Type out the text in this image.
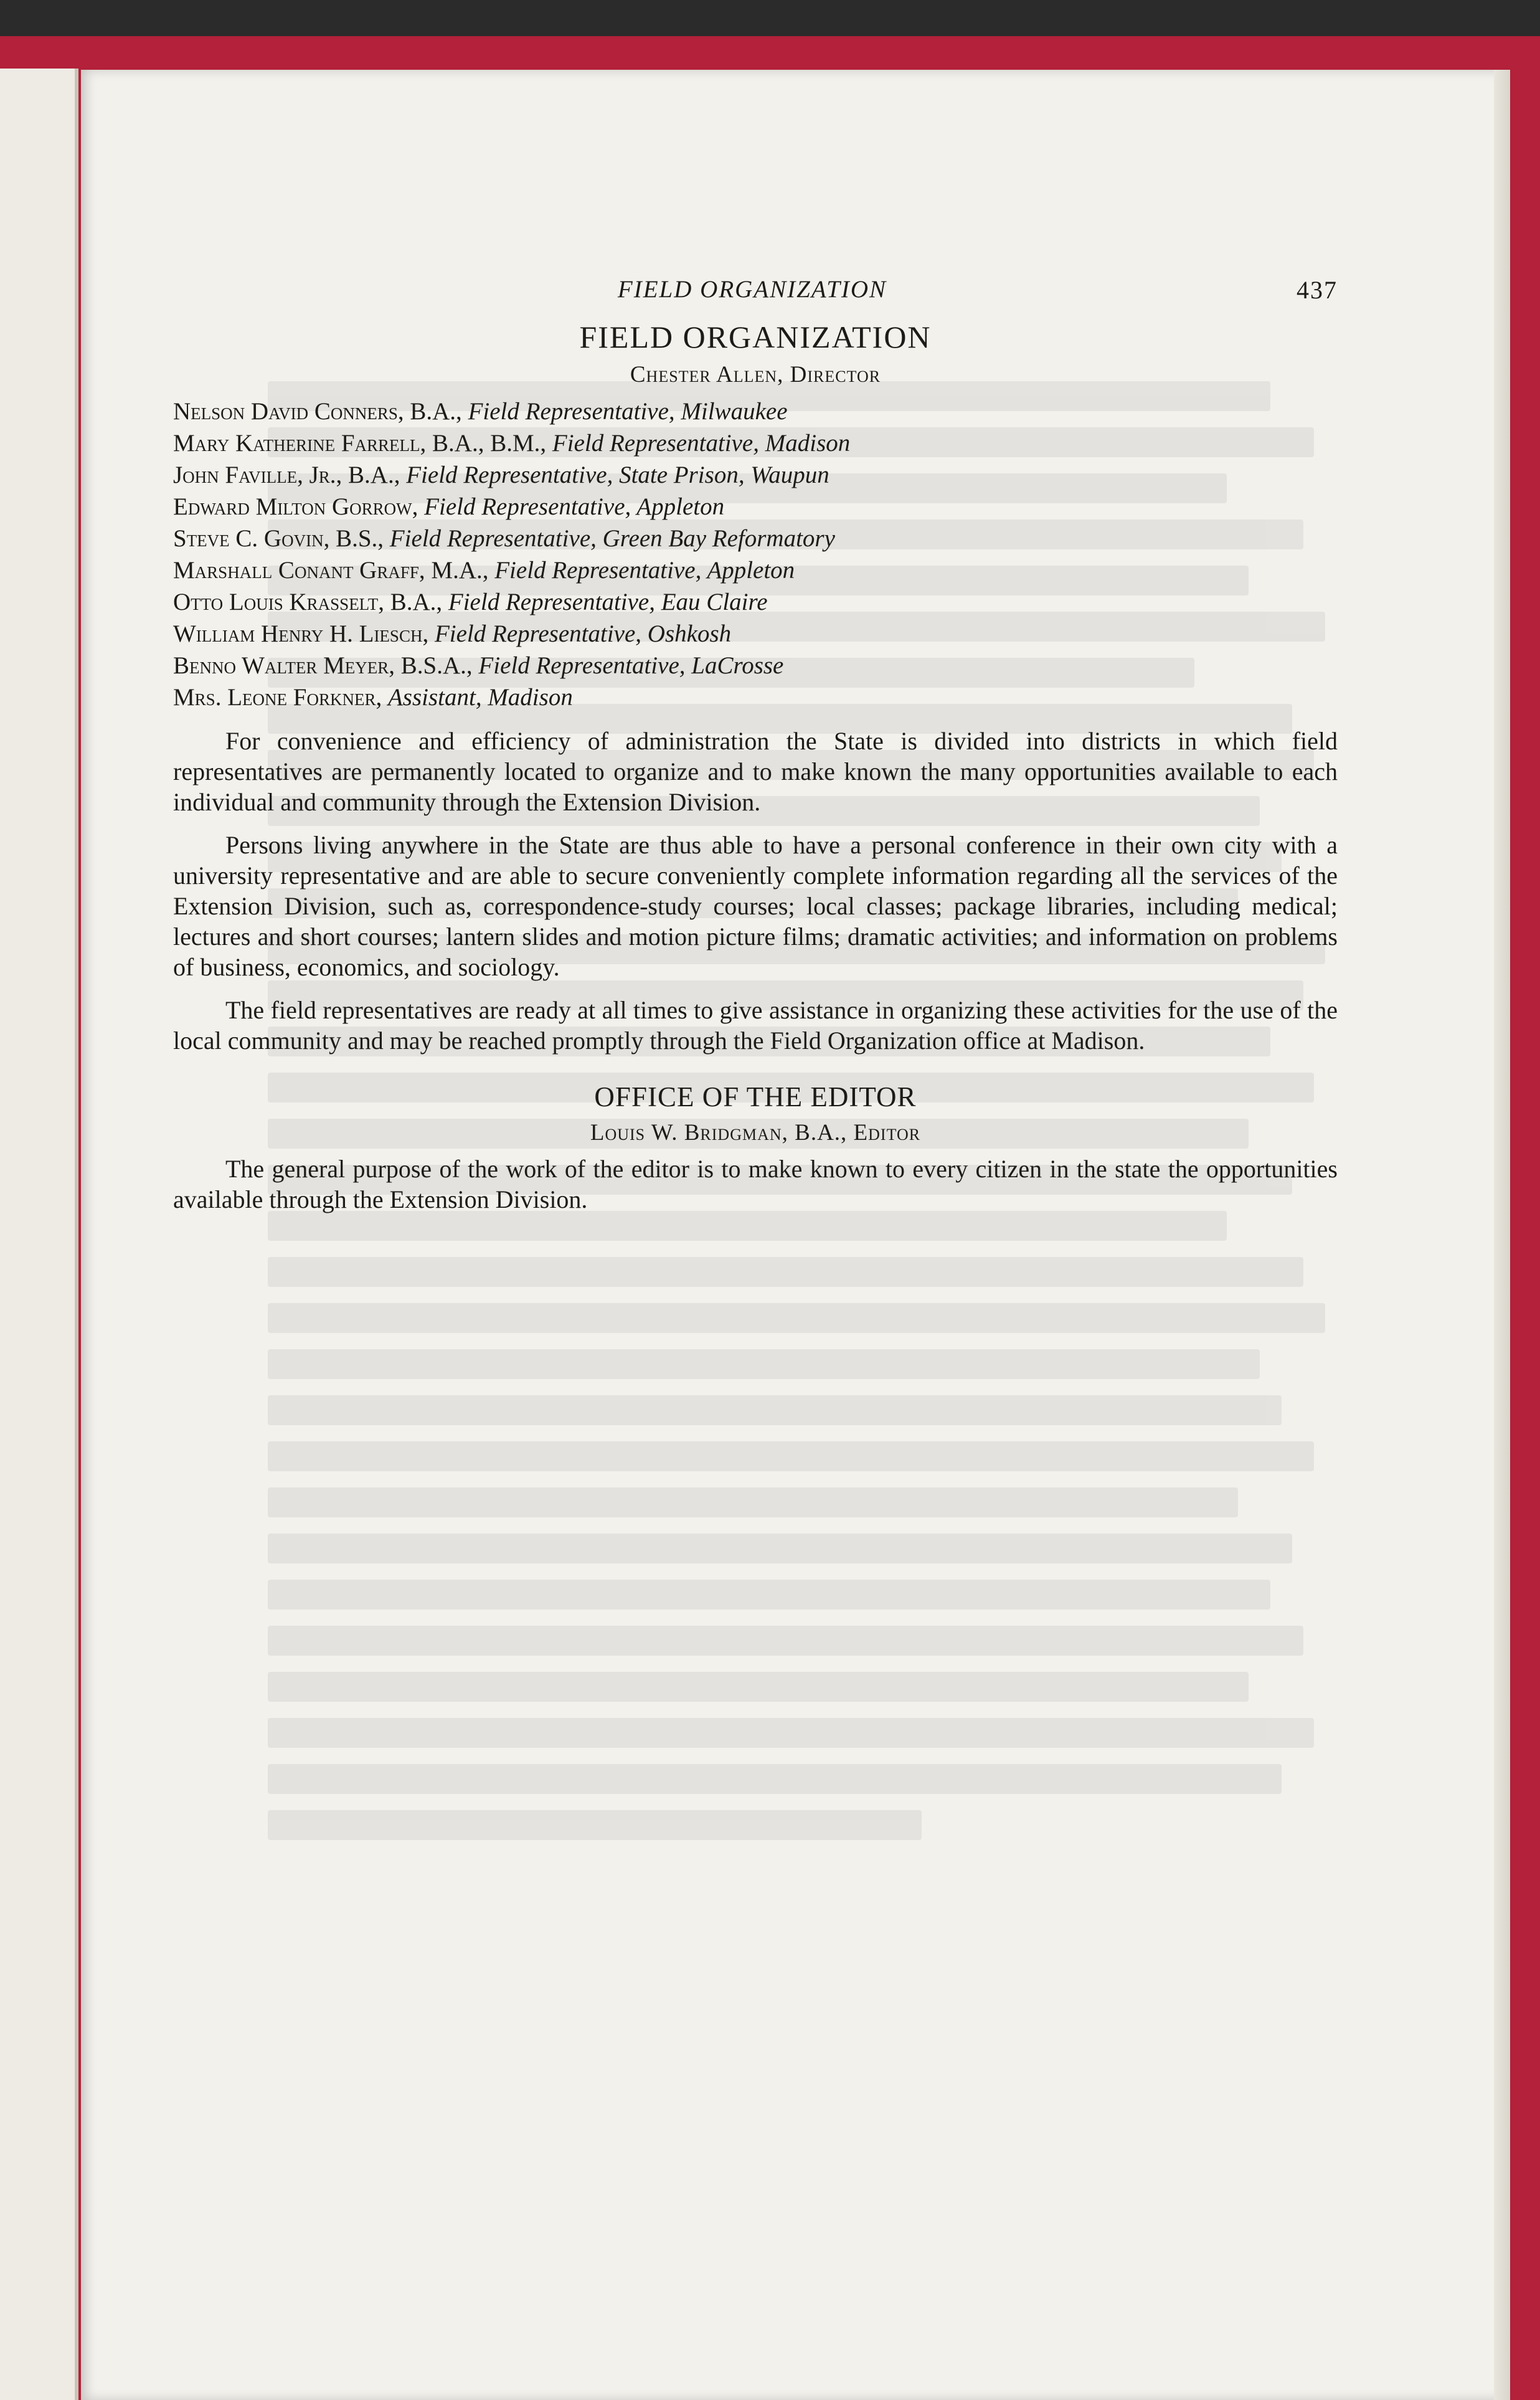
FIELD ORGANIZATION	437
FIELD ORGANIZATION
Chester Allen, Director
Nelson David Conners, B.A., Field Representative, Milwaukee
Mary Katherine Farrell, B.A., B.M., Field Representative, Madison
John Faville, Jr., B.A., Field Representative, State Prison, Waupun
Edward Milton Gorrow, Field Representative, Appleton
Steve C. Govin, B.S., Field Representative, Green Bay Reformatory
Marshall Conant Graff, M.A., Field Representative, Appleton
Otto Louis Krasselt, B.A., Field Representative, Eau Claire
William Henry H. Liesch, Field Representative, Oshkosh
Benno Walter Meyer, B.S.A., Field Representative, LaCrosse
Mrs. Leone Forkner, Assistant, Madison

For convenience and efficiency of administration the State is divided into districts in which field representatives are permanently located to organize and to make known the many opportunities available to each individual and community through the Extension Division.

Persons living anywhere in the State are thus able to have a personal conference in their own city with a university representative and are able to secure conveniently complete information regarding all the services of the Extension Division, such as, correspondence-study courses; local classes; package libraries, including medical; lectures and short courses; lantern slides and motion picture films; dramatic activities; and information on problems of business, economics, and sociology.

The field representatives are ready at all times to give assistance in organizing these activities for the use of the local community and may be reached promptly through the Field Organization office at Madison.

OFFICE OF THE EDITOR
Louis W. Bridgman, B.A., Editor

The general purpose of the work of the editor is to make known to every citizen in the state the opportunities available through the Extension Division.
